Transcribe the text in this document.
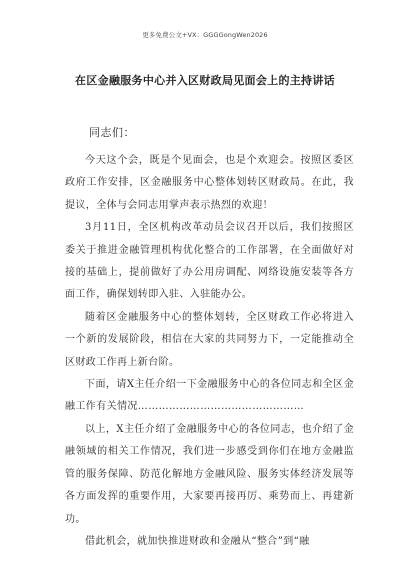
更多免费公文+VX：GGGGongWen2026
在区金融服务中心并入区财政局见面会上的主持讲话
同志们：

今天这个会，既是个见面会，也是个欢迎会。按照区委区政府工作安排，区金融服务中心整体划转区财政局。在此，我提议，全体与会同志用掌声表示热烈的欢迎！

3月11日，全区机构改革动员会议召开以后，我们按照区委关于推进金融管理机构优化整合的工作部署，在全面做好对接的基础上，提前做好了办公用房调配、网络设施安装等各方面工作，确保划转即入驻、入驻能办公。

随着区金融服务中心的整体划转，全区财政工作必将进入一个新的发展阶段，相信在大家的共同努力下，一定能推动全区财政工作再上新台阶。

下面，请X主任介绍一下金融服务中心的各位同志和全区金融工作有关情况…………………………………………

以上，X主任介绍了金融服务中心的各位同志，也介绍了金融领域的相关工作情况，我们进一步感受到你们在地方金融监管的服务保障、防范化解地方金融风险、服务实体经济发展等各方面发挥的重要作用，大家要再接再厉、乘势而上、再建新功。

借此机会，就加快推进财政和金融从“整合”到“融
